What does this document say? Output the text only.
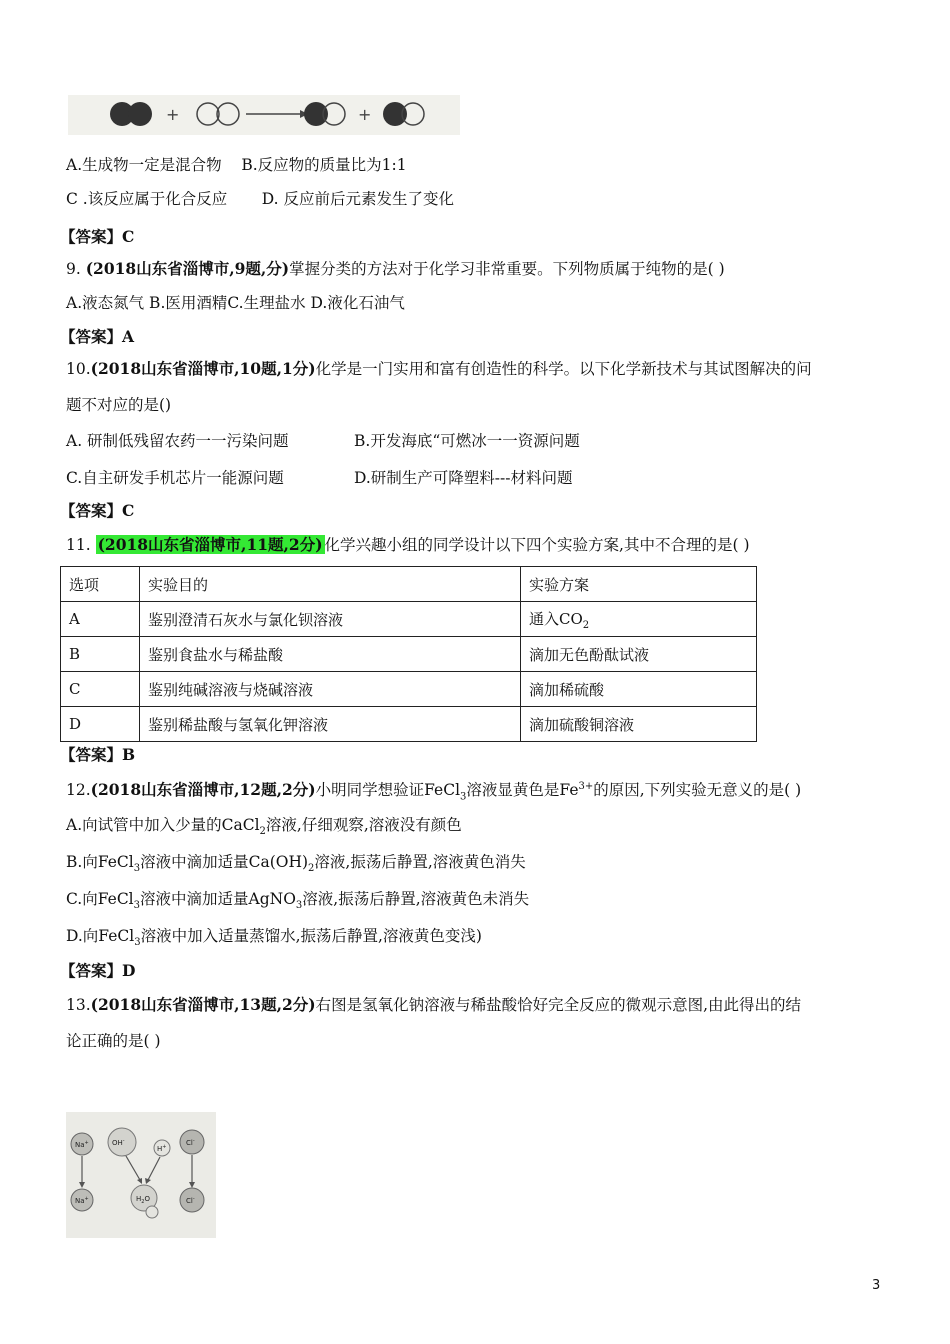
+	+
A.生成物一定是混合物 B.反应物的质量比为1:1
C .该反应属于化合反应 D. 反应前后元素发生了变化
【答案】C
9. (2018山东省淄博市,9题,分)掌握分类的方法对于化学习非常重要。下列物质属于纯物的是( )
A.液态氮气 B.医用酒精C.生理盐水 D.液化石油气
【答案】A
10.(2018山东省淄博市,10题,1分)化学是一门实用和富有创造性的科学。以下化学新技术与其试图解决的问
题不对应的是()
A. 研制低残留农药一一污染问题	B.开发海底“可燃冰一一资源问题
C.自主研发手机芯片一能源问题	D.研制生产可降塑料---材料问题
【答案】C
11. (2018山东省淄博市,11题,2分) 化学兴趣小组的同学设计以下四个实验方案,其中不合理的是( )
选项	实验目的	实验方案
A	鉴别澄清石灰水与氯化钡溶液	通入$CO_2$
B	鉴别食盐水与稀盐酸	滴加无色酚酞试液
C	鉴别纯碱溶液与烧碱溶液	滴加稀硫酸
D	鉴别稀盐酸与氢氧化钾溶液	滴加硫酸铜溶液
【答案】B
12.(2018山东省淄博市,12题,2分)小明同学想验证FeCl$_3$溶液显黄色是$Fe^{3+}$的原因,下列实验无意义的是( )
A.向试管中加入少量的CaCl$_2$溶液,仔细观察,溶液没有颜色
B.向FeCl$_3$溶液中滴加适量$Ca(OH)_2$溶液,振荡后静置,溶液黄色消失
C.向FeCl$_3$溶液中滴加适量AgNO$_3$溶液,振荡后静置,溶液黄色未消失
D.向FeCl$_3$溶液中加入适量蒸馏水,振荡后静置,溶液黄色变浅)
【答案】D
13.(2018山东省淄博市,13题,2分)右图是氢氧化钠溶液与稀盐酸恰好完全反应的微观示意图,由此得出的结
论正确的是( )
Na+	OH-
H+	Cl-
Na+	$H_2O$	Cl-
3
